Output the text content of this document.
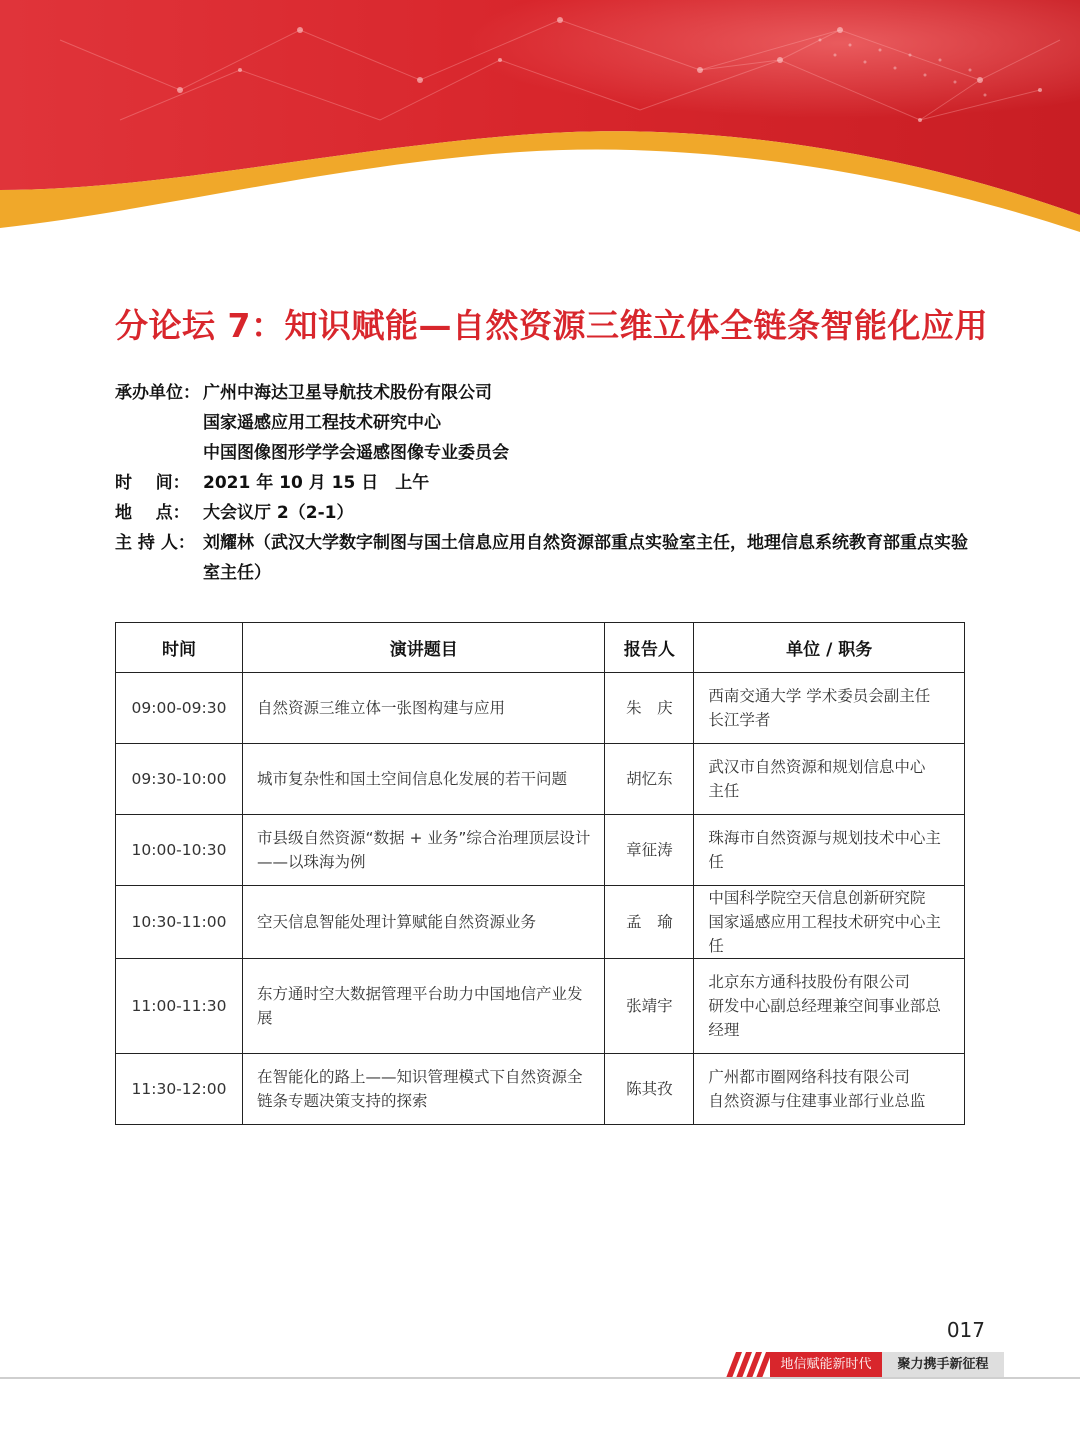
分论坛 7：知识赋能—自然资源三维立体全链条智能化应用
承办单位： 广州中海达卫星导航技术股份有限公司
国家遥感应用工程技术研究中心
中国图像图形学学会遥感图像专业委员会
时    间： 2021 年 10 月 15 日　上午
地    点： 大会议厅 2（2-1）
主 持 人： 刘耀林（武汉大学数字制图与国土信息应用自然资源部重点实验室主任，地理信息系统教育部重点实验室主任）
时间	演讲题目	报告人	单位 / 职务
09:00-09:30	自然资源三维立体一张图构建与应用	朱　庆	西南交通大学 学术委员会副主任
长江学者
09:30-10:00	城市复杂性和国土空间信息化发展的若干问题	胡忆东	武汉市自然资源和规划信息中心
主任
10:00-10:30	市县级自然资源“数据 + 业务”综合治理顶层设计——以珠海为例	章征涛	珠海市自然资源与规划技术中心主任
10:30-11:00	空天信息智能处理计算赋能自然资源业务	孟　瑜	中国科学院空天信息创新研究院
国家遥感应用工程技术研究中心主任
11:00-11:30	东方通时空大数据管理平台助力中国地信产业发展	张靖宇	北京东方通科技股份有限公司
研发中心副总经理兼空间事业部总经理
11:30-12:00	在智能化的路上——知识管理模式下自然资源全链条专题决策支持的探索	陈其孜	广州都市圈网络科技有限公司
自然资源与住建事业部行业总监
017
地信赋能新时代	聚力携手新征程
